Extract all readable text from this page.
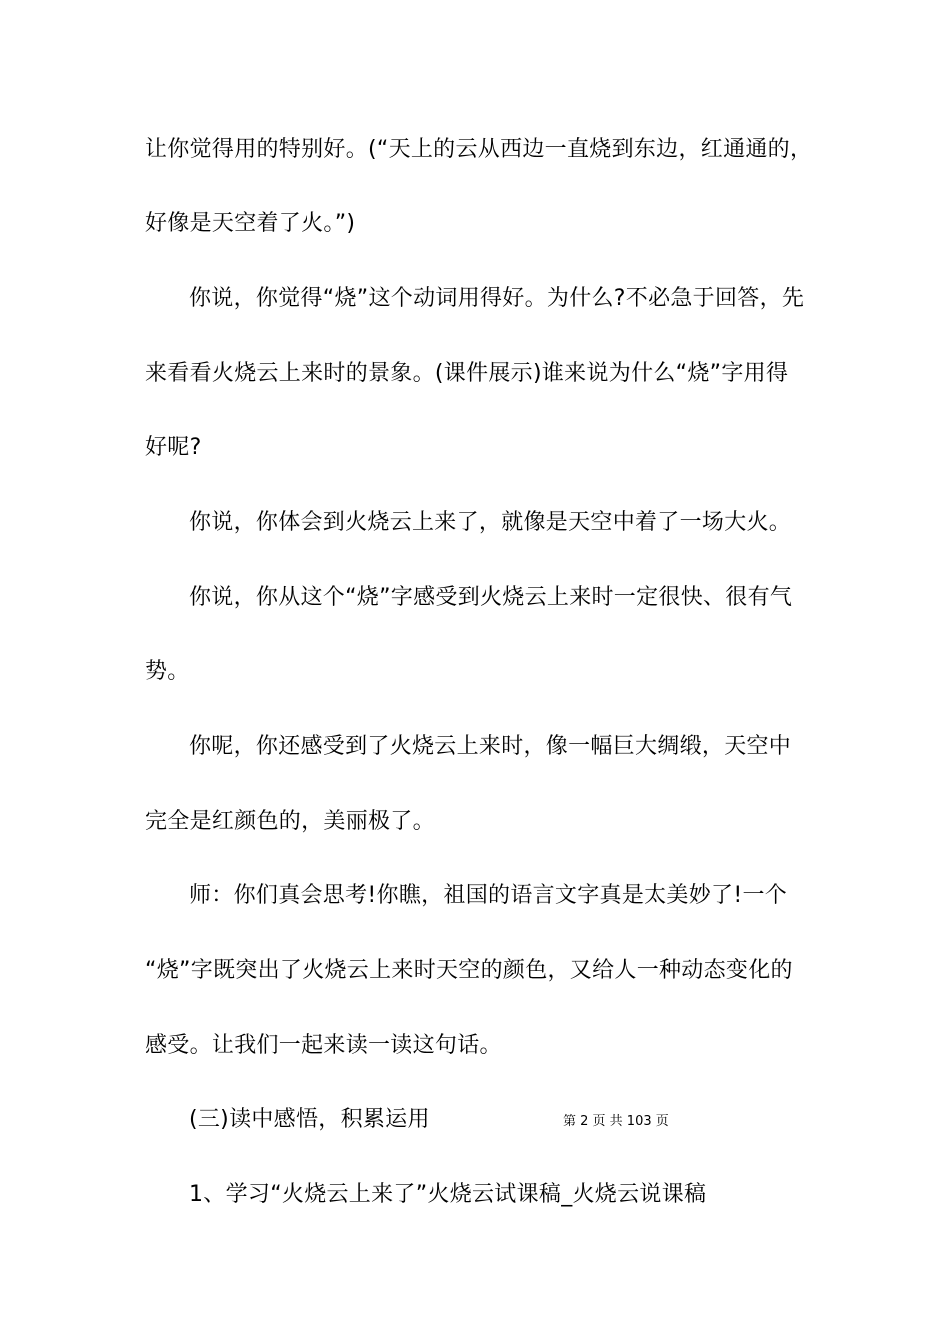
让你觉得用的特别好。(“天上的云从西边一直烧到东边，红通通的，
好像是天空着了火。”)
你说，你觉得“烧”这个动词用得好。为什么?不必急于回答，先
来看看火烧云上来时的景象。(课件展示)谁来说为什么“烧”字用得
好呢?
你说，你体会到火烧云上来了，就像是天空中着了一场大火。
你说，你从这个“烧”字感受到火烧云上来时一定很快、很有气
势。
你呢，你还感受到了火烧云上来时，像一幅巨大绸缎，天空中
完全是红颜色的，美丽极了。
师：你们真会思考!你瞧，祖国的语言文字真是太美妙了!一个
“烧”字既突出了火烧云上来时天空的颜色，又给人一种动态变化的
感受。让我们一起来读一读这句话。
(三)读中感悟，积累运用
1、学习“火烧云上来了”火烧云试课稿_火烧云说课稿
第 2 页 共 103 页
